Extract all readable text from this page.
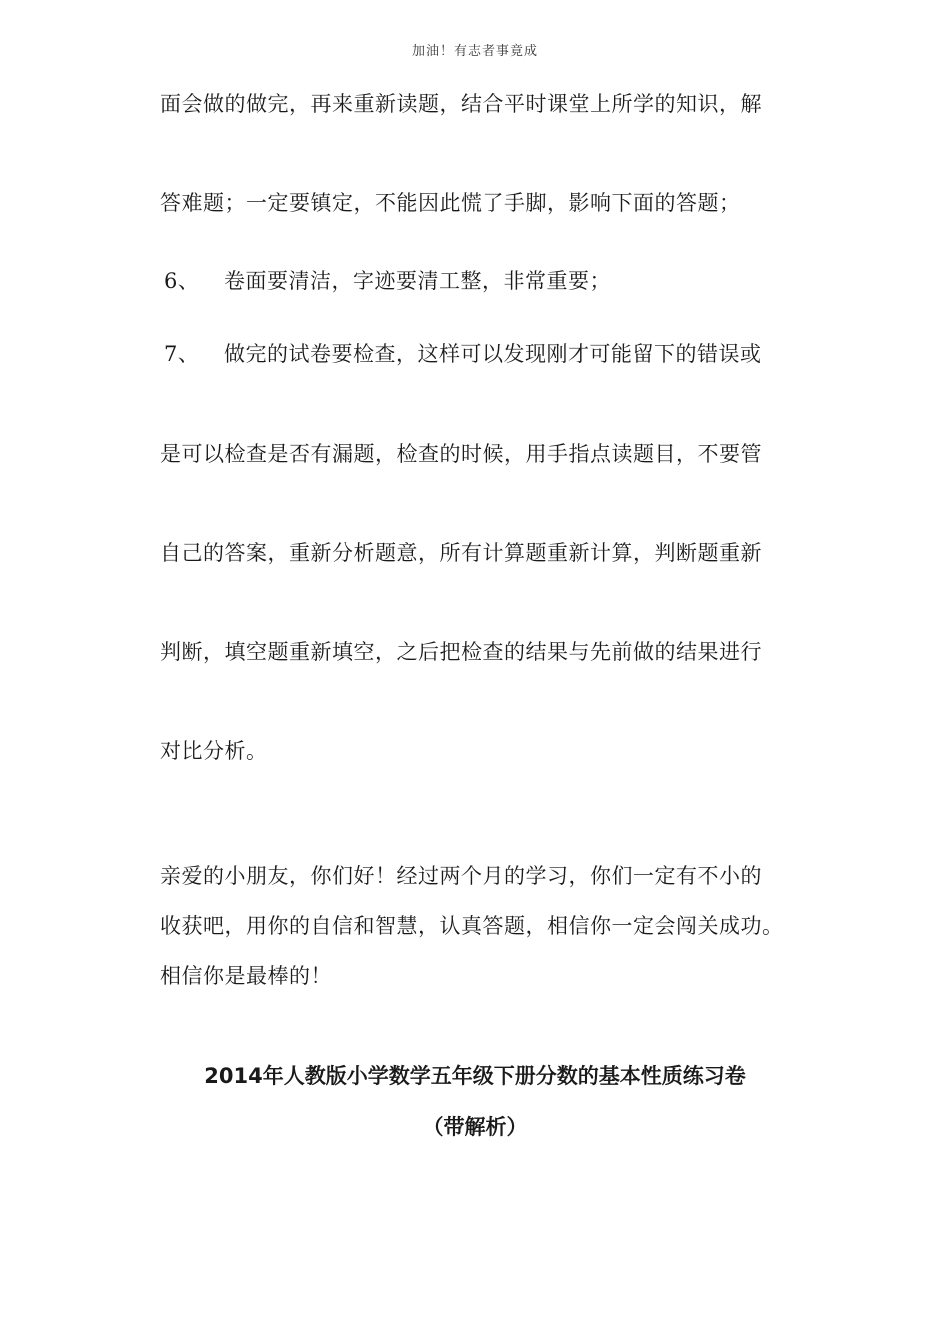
加油！有志者事竟成
面会做的做完，再来重新读题，结合平时课堂上所学的知识，解
答难题；一定要镇定，不能因此慌了手脚，影响下面的答题；
6、 卷面要清洁，字迹要清工整，非常重要；
7、 做完的试卷要检查，这样可以发现刚才可能留下的错误或
是可以检查是否有漏题，检查的时候，用手指点读题目，不要管
自己的答案，重新分析题意，所有计算题重新计算，判断题重新
判断，填空题重新填空，之后把检查的结果与先前做的结果进行
对比分析。
亲爱的小朋友，你们好！经过两个月的学习，你们一定有不小的
收获吧，用你的自信和智慧，认真答题，相信你一定会闯关成功。
相信你是最棒的！
2014年人教版小学数学五年级下册分数的基本性质练习卷
（带解析）
